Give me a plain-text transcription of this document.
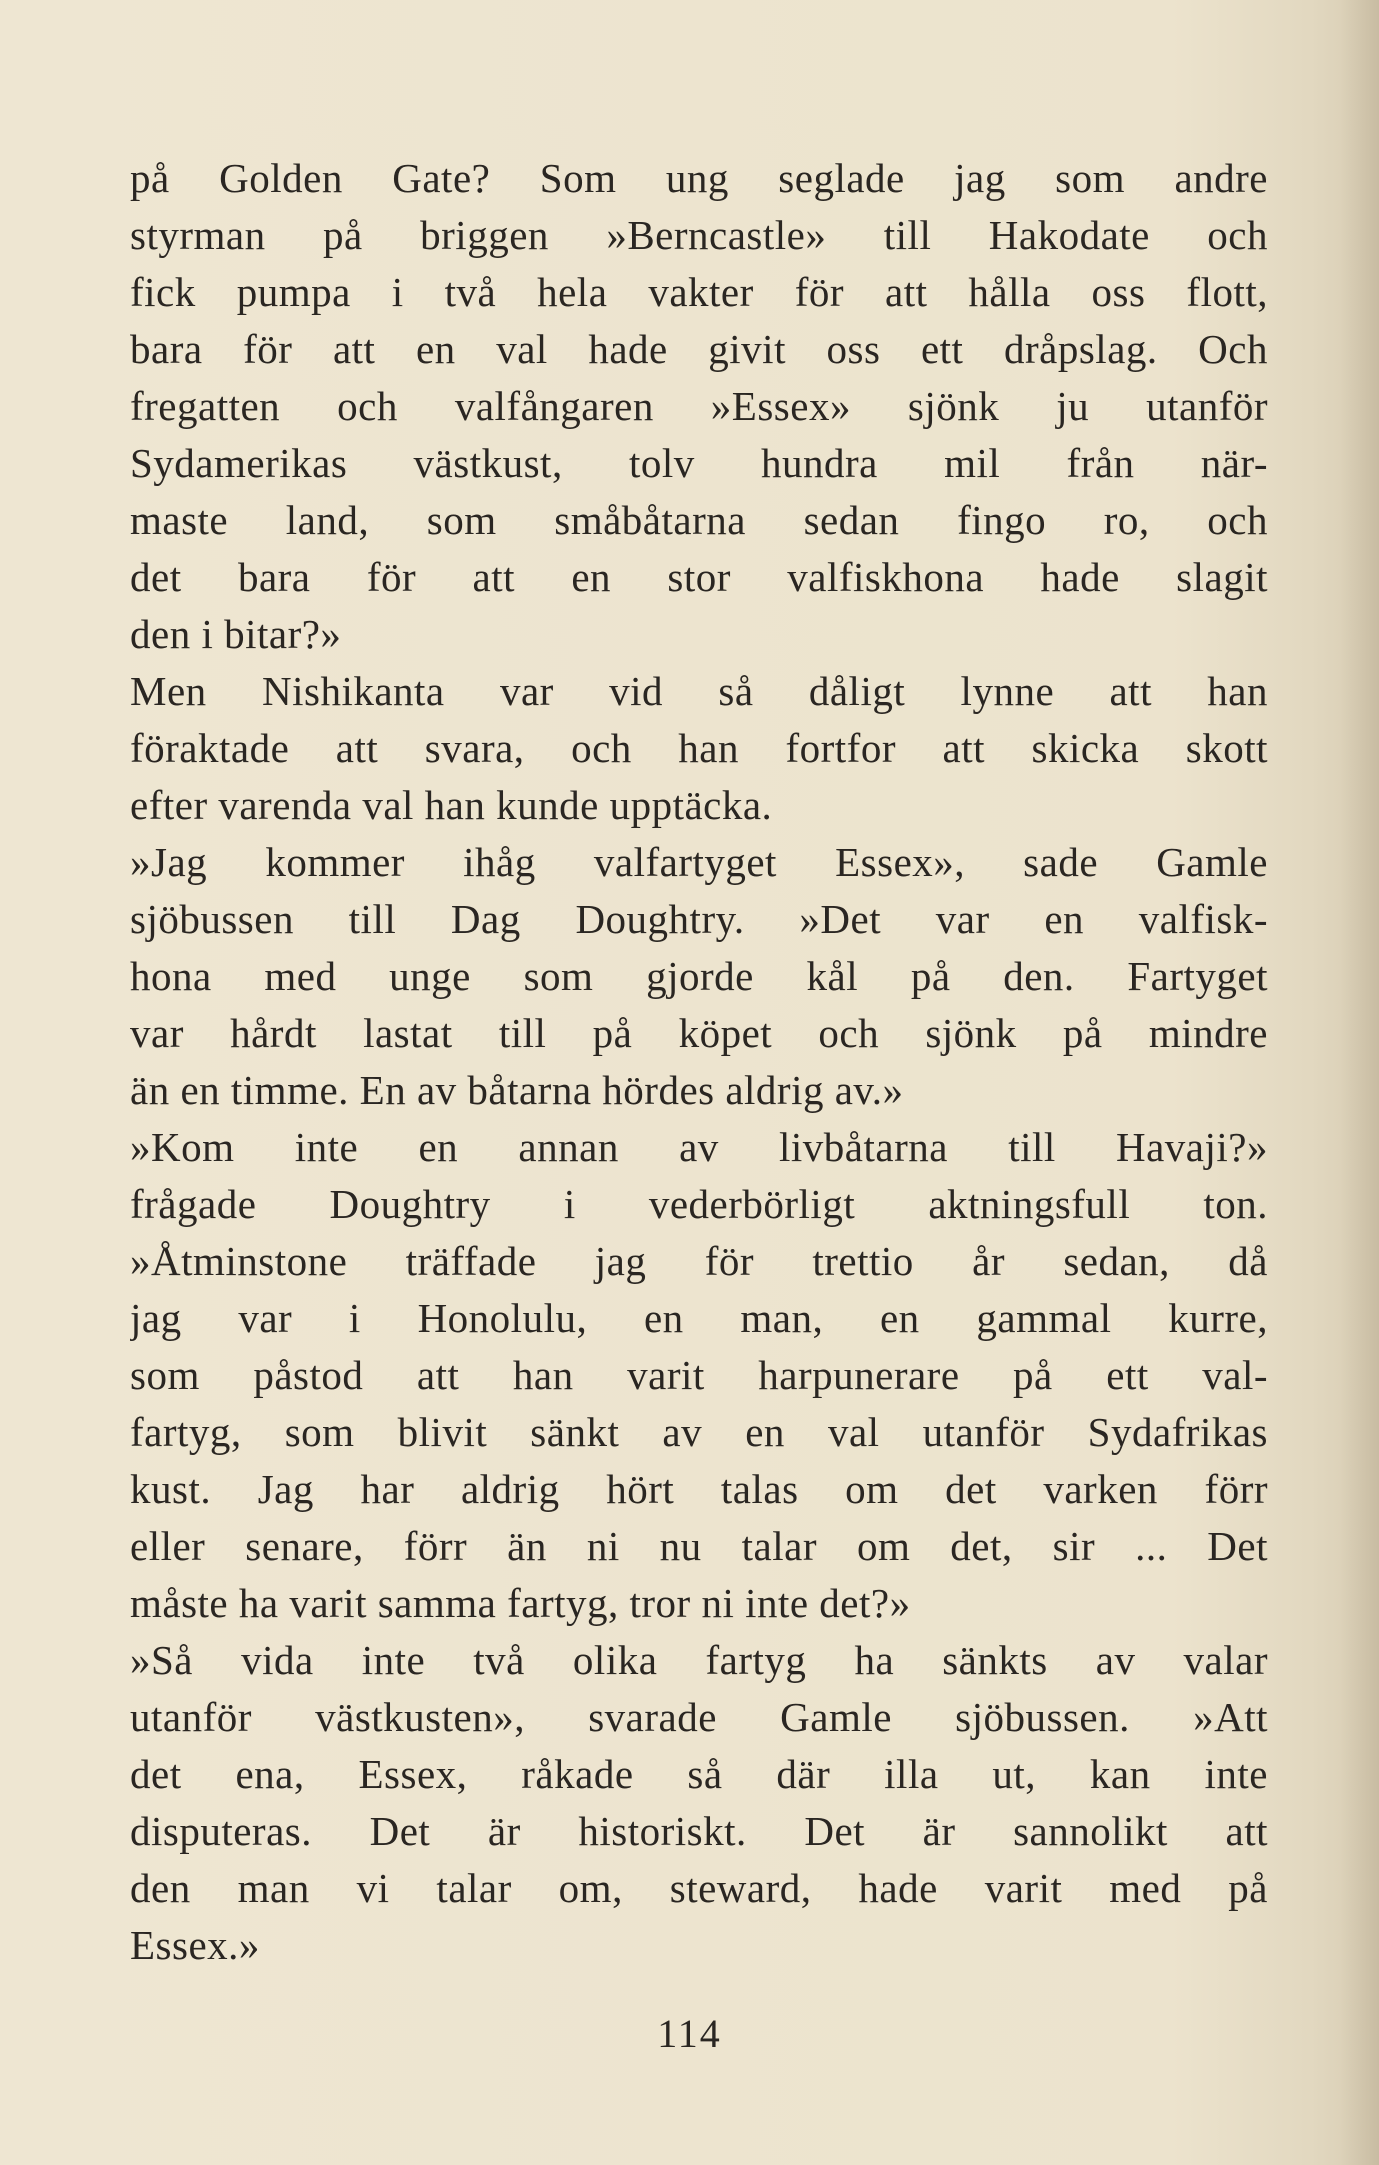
på Golden Gate? Som ung seglade jag som andre
styrman på briggen »Berncastle» till Hakodate och
fick pumpa i två hela vakter för att hålla oss flott,
bara för att en val hade givit oss ett dråpslag. Och
fregatten och valfångaren »Essex» sjönk ju utanför
Sydamerikas västkust, tolv hundra mil från när-
maste land, som småbåtarna sedan fingo ro, och
det bara för att en stor valfiskhona hade slagit
den i bitar?»
Men Nishikanta var vid så dåligt lynne att han
föraktade att svara, och han fortfor att skicka skott
efter varenda val han kunde upptäcka.
»Jag kommer ihåg valfartyget Essex», sade Gamle
sjöbussen till Dag Doughtry. »Det var en valfisk-
hona med unge som gjorde kål på den. Fartyget
var hårdt lastat till på köpet och sjönk på mindre
än en timme. En av båtarna hördes aldrig av.»
»Kom inte en annan av livbåtarna till Havaji?»
frågade Doughtry i vederbörligt aktningsfull ton.
»Åtminstone träffade jag för trettio år sedan, då
jag var i Honolulu, en man, en gammal kurre,
som påstod att han varit harpunerare på ett val-
fartyg, som blivit sänkt av en val utanför Sydafrikas
kust. Jag har aldrig hört talas om det varken förr
eller senare, förr än ni nu talar om det, sir ... Det
måste ha varit samma fartyg, tror ni inte det?»
»Så vida inte två olika fartyg ha sänkts av valar
utanför västkusten», svarade Gamle sjöbussen. »Att
det ena, Essex, råkade så där illa ut, kan inte
disputeras. Det är historiskt. Det är sannolikt att
den man vi talar om, steward, hade varit med på
Essex.»
114
